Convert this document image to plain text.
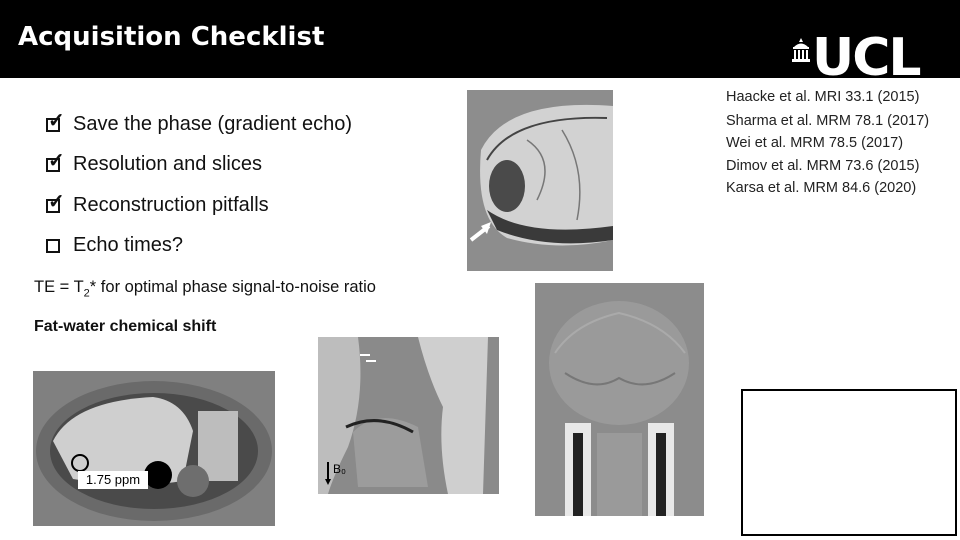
Acquisition Checklist	UCL
✓ Save the phase (gradient echo)
✓ Resolution and slices
✓ Reconstruction pitfalls
Echo times?
TE = $T_2*$ for optimal phase signal-to-noise ratio
Fat-water chemical shift
Haacke et al. MRI 33.1 (2015)
Sharma et al. MRM 78.1 (2017)
Wei et al. MRM 78.5 (2017)
Dimov et al. MRM 73.6 (2015)
Karsa et al. MRM 84.6 (2020)
B₀
1.75 ppm
